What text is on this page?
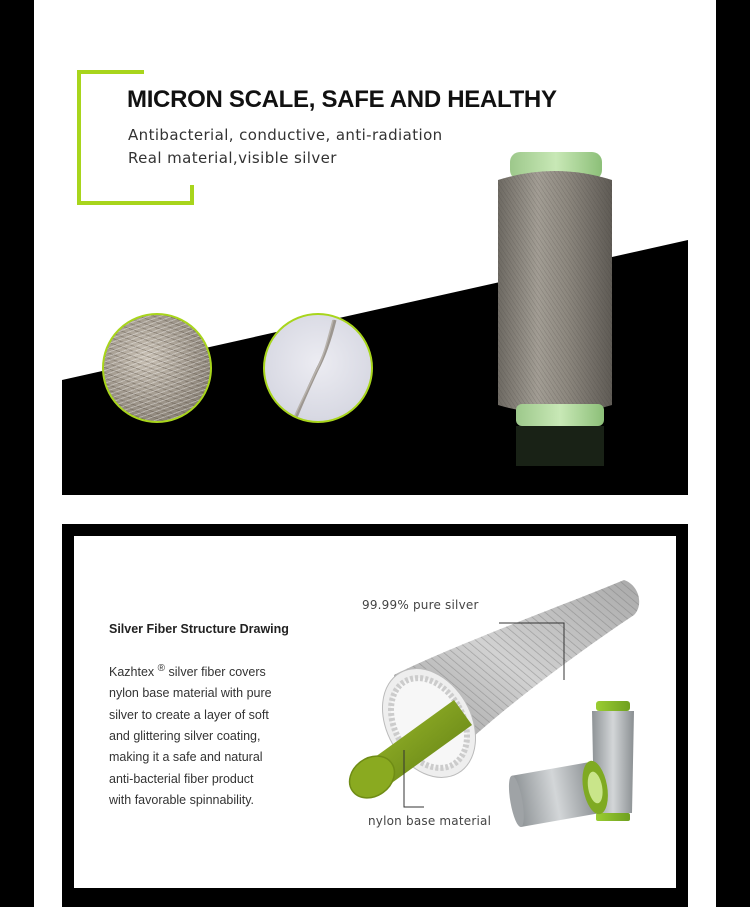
MICRON SCALE, SAFE AND HEALTHY
Antibacterial, conductive, anti-radiation
Real material,visible silver
Silver Fiber Structure Drawing
Kazhtex ® silver fiber covers
nylon base material with pure
silver to create a layer of soft
and glittering silver coating,
making it a safe and natural
anti-bacterial fiber product
with favorable spinnability.
99.99% pure silver
nylon base material
